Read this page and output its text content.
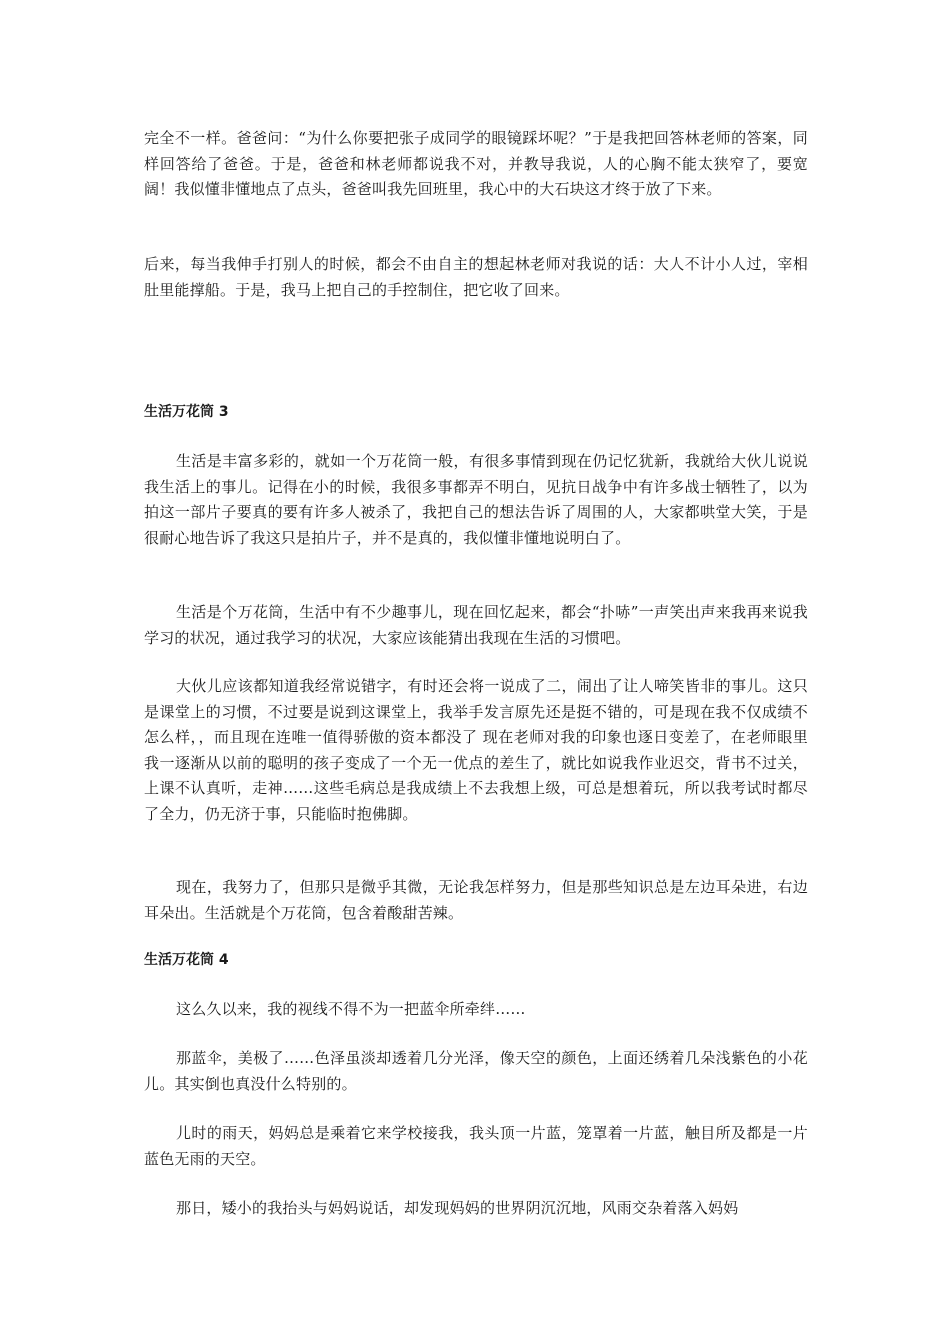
完全不一样。爸爸问：“为什么你要把张子成同学的眼镜踩坏呢？”于是我把回答林老师的答案，同样回答给了爸爸。于是，爸爸和林老师都说我不对，并教导我说，人的心胸不能太狭窄了，要宽阔！我似懂非懂地点了点头，爸爸叫我先回班里，我心中的大石块这才终于放了下来。

后来，每当我伸手打别人的时候，都会不由自主的想起林老师对我说的话：大人不计小人过，宰相肚里能撑船。于是，我马上把自己的手控制住，把它收了回来。

生活万花筒 3

生活是丰富多彩的，就如一个万花筒一般，有很多事情到现在仍记忆犹新，我就给大伙儿说说我生活上的事儿。记得在小的时候，我很多事都弄不明白，见抗日战争中有许多战士牺牲了，以为拍这一部片子要真的要有许多人被杀了，我把自己的想法告诉了周围的人，大家都哄堂大笑，于是很耐心地告诉了我这只是拍片子，并不是真的，我似懂非懂地说明白了。

生活是个万花筒，生活中有不少趣事儿，现在回忆起来，都会“扑哧”一声笑出声来我再来说我学习的状况，通过我学习的状况，大家应该能猜出我现在生活的习惯吧。

大伙儿应该都知道我经常说错字，有时还会将一说成了二，闹出了让人啼笑皆非的事儿。这只是课堂上的习惯，不过要是说到这课堂上，我举手发言原先还是挺不错的，可是现在我不仅成绩不怎么样，，而且现在连唯一值得骄傲的资本都没了 现在老师对我的印象也逐日变差了，在老师眼里我一逐渐从以前的聪明的孩子变成了一个无一优点的差生了，就比如说我作业迟交，背书不过关，上课不认真听，走神……这些毛病总是我成绩上不去我想上级，可总是想着玩，所以我考试时都尽了全力，仍无济于事，只能临时抱佛脚。

现在，我努力了，但那只是微乎其微，无论我怎样努力，但是那些知识总是左边耳朵进，右边耳朵出。生活就是个万花筒，包含着酸甜苦辣。

生活万花筒 4

这么久以来，我的视线不得不为一把蓝伞所牵绊……

那蓝伞，美极了……色泽虽淡却透着几分光泽，像天空的颜色，上面还绣着几朵浅紫色的小花儿。其实倒也真没什么特别的。

儿时的雨天，妈妈总是乘着它来学校接我，我头顶一片蓝，笼罩着一片蓝，触目所及都是一片蓝色无雨的天空。

那日，矮小的我抬头与妈妈说话，却发现妈妈的世界阴沉沉地，风雨交杂着落入妈妈
